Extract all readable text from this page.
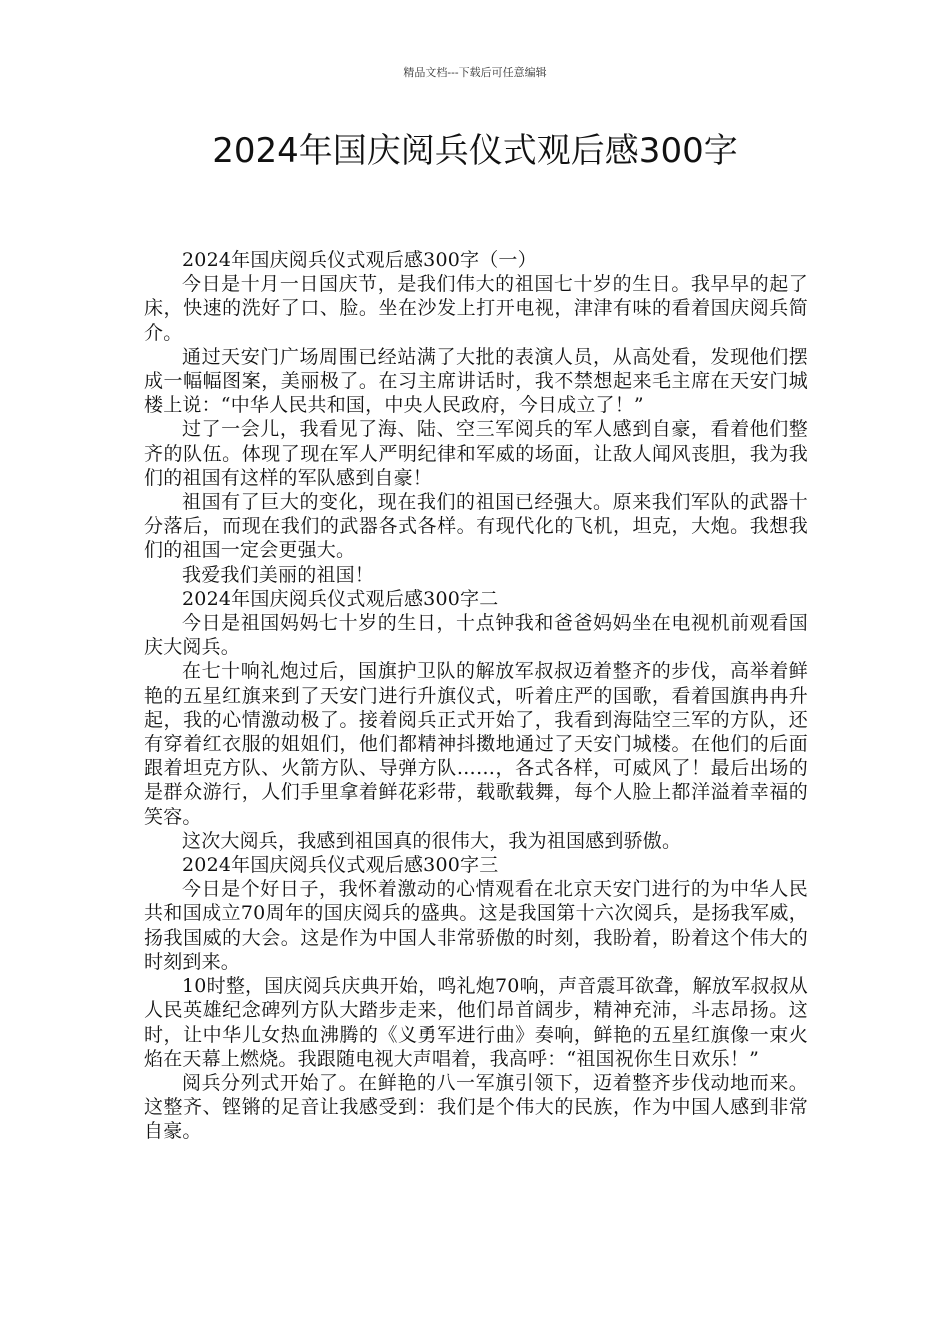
精品文档---下载后可任意编辑
2024年国庆阅兵仪式观后感300字

2024年国庆阅兵仪式观后感300字（一）

今日是十月一日国庆节，是我们伟大的祖国七十岁的生日。我早早的起了床，快速的洗好了口、脸。坐在沙发上打开电视，津津有味的看着国庆阅兵简介。

通过天安门广场周围已经站满了大批的表演人员，从高处看，发现他们摆成一幅幅图案，美丽极了。在习主席讲话时，我不禁想起来毛主席在天安门城楼上说：“中华人民共和国，中央人民政府，今日成立了！”

过了一会儿，我看见了海、陆、空三军阅兵的军人感到自豪，看着他们整齐的队伍。体现了现在军人严明纪律和军威的场面，让敌人闻风丧胆，我为我们的祖国有这样的军队感到自豪！

祖国有了巨大的变化，现在我们的祖国已经强大。原来我们军队的武器十分落后，而现在我们的武器各式各样。有现代化的飞机，坦克，大炮。我想我们的祖国一定会更强大。

我爱我们美丽的祖国！

2024年国庆阅兵仪式观后感300字二

今日是祖国妈妈七十岁的生日，十点钟我和爸爸妈妈坐在电视机前观看国庆大阅兵。

在七十响礼炮过后，国旗护卫队的解放军叔叔迈着整齐的步伐，高举着鲜艳的五星红旗来到了天安门进行升旗仪式，听着庄严的国歌，看着国旗冉冉升起，我的心情激动极了。接着阅兵正式开始了，我看到海陆空三军的方队，还有穿着红衣服的姐姐们，他们都精神抖擞地通过了天安门城楼。在他们的后面跟着坦克方队、火箭方队、导弹方队……，各式各样，可威风了！最后出场的是群众游行，人们手里拿着鲜花彩带，载歌载舞，每个人脸上都洋溢着幸福的笑容。

这次大阅兵，我感到祖国真的很伟大，我为祖国感到骄傲。

2024年国庆阅兵仪式观后感300字三

今日是个好日子，我怀着激动的心情观看在北京天安门进行的为中华人民共和国成立70周年的国庆阅兵的盛典。这是我国第十六次阅兵，是扬我军威，扬我国威的大会。这是作为中国人非常骄傲的时刻，我盼着，盼着这个伟大的时刻到来。

10时整，国庆阅兵庆典开始，鸣礼炮70响，声音震耳欲聋，解放军叔叔从人民英雄纪念碑列方队大踏步走来，他们昂首阔步，精神充沛，斗志昂扬。这时，让中华儿女热血沸腾的《义勇军进行曲》奏响，鲜艳的五星红旗像一束火焰在天幕上燃烧。我跟随电视大声唱着，我高呼：“祖国祝你生日欢乐！”

阅兵分列式开始了。在鲜艳的八一军旗引领下，迈着整齐步伐动地而来。这整齐、铿锵的足音让我感受到：我们是个伟大的民族，作为中国人感到非常自豪。
